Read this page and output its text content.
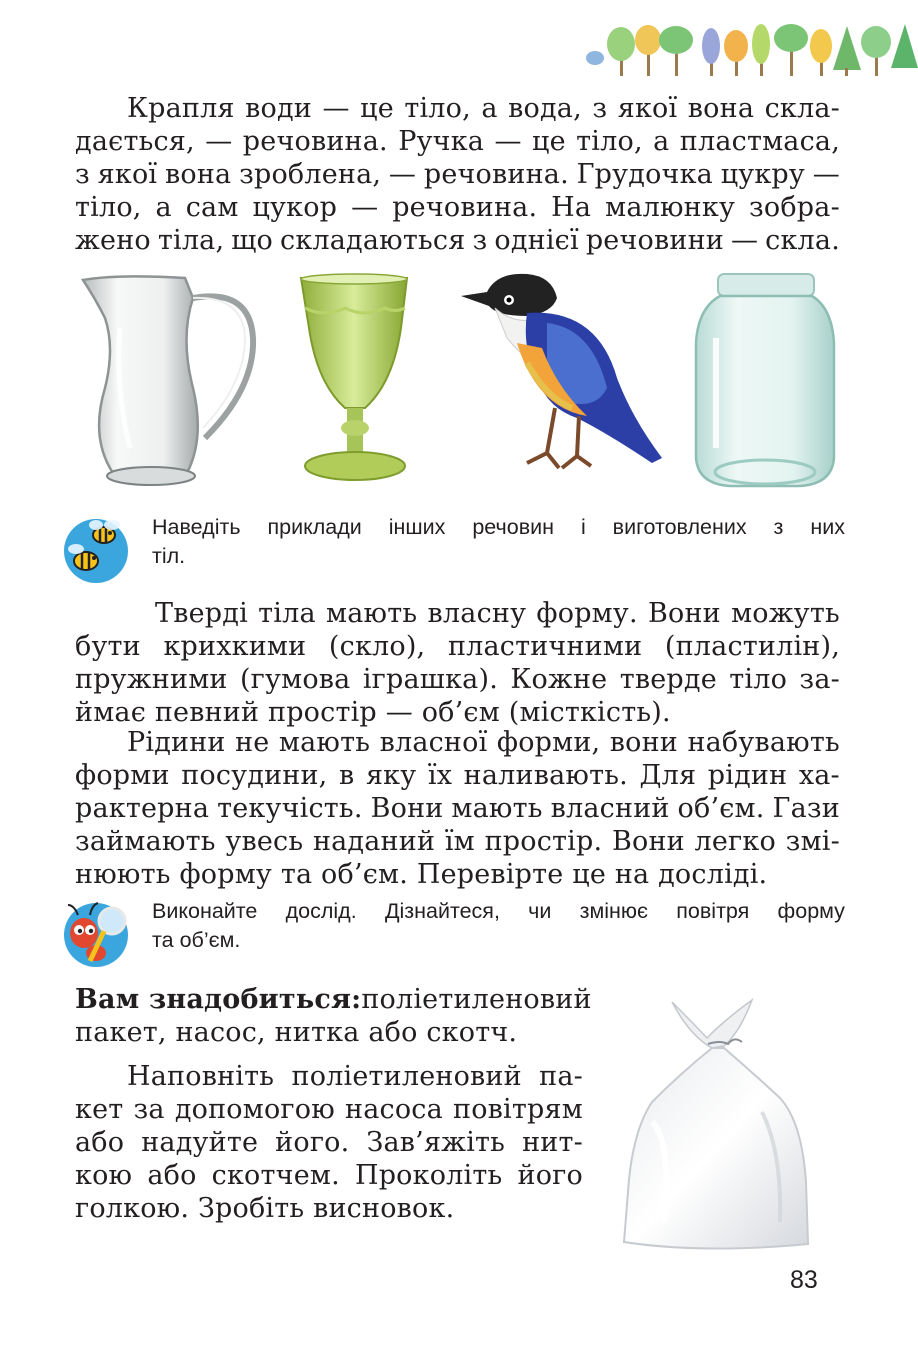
Крапля води — це тіло, а вода, з якої вона скла-
дається, — речовина. Ручка — це тіло, а пластмаса,
з якої вона зроблена, — речовина. Грудочка цукру —
тіло, а сам цукор — речовина. На малюнку зобра-
жено тіла, що складаються з однієї речовини — скла.
Наведіть приклади інших речовин і виготовлених з них
тіл.
Тверді тіла мають власну форму. Вони можуть
бути крихкими (скло), пластичними (пластилін),
пружними (гумова іграшка). Кожне тверде тіло за-
ймає
певний
простір
—
об’єм
(місткість).
Рідини не мають власної форми, вони набувають
форми посудини, в яку їх наливають. Для рідин ха-
рактерна текучість. Вони мають власний об’єм. Гази
займають увесь наданий їм простір. Вони легко змі-
нюють
форму
та
об’єм.
Перевірте
це
на
досліді.
Виконайте дослід. Дізнайтеся, чи змінює повітря форму
та
об’єм.
Вам знадобиться: поліетиленовий
пакет,
насос,
нитка
або
скотч.
Наповніть поліетиленовий па-
кет за допомогою насоса повітрям
або надуйте його. Зав’яжіть нит-
кою або скотчем. Проколіть його
голкою.
Зробіть
висновок.
83
